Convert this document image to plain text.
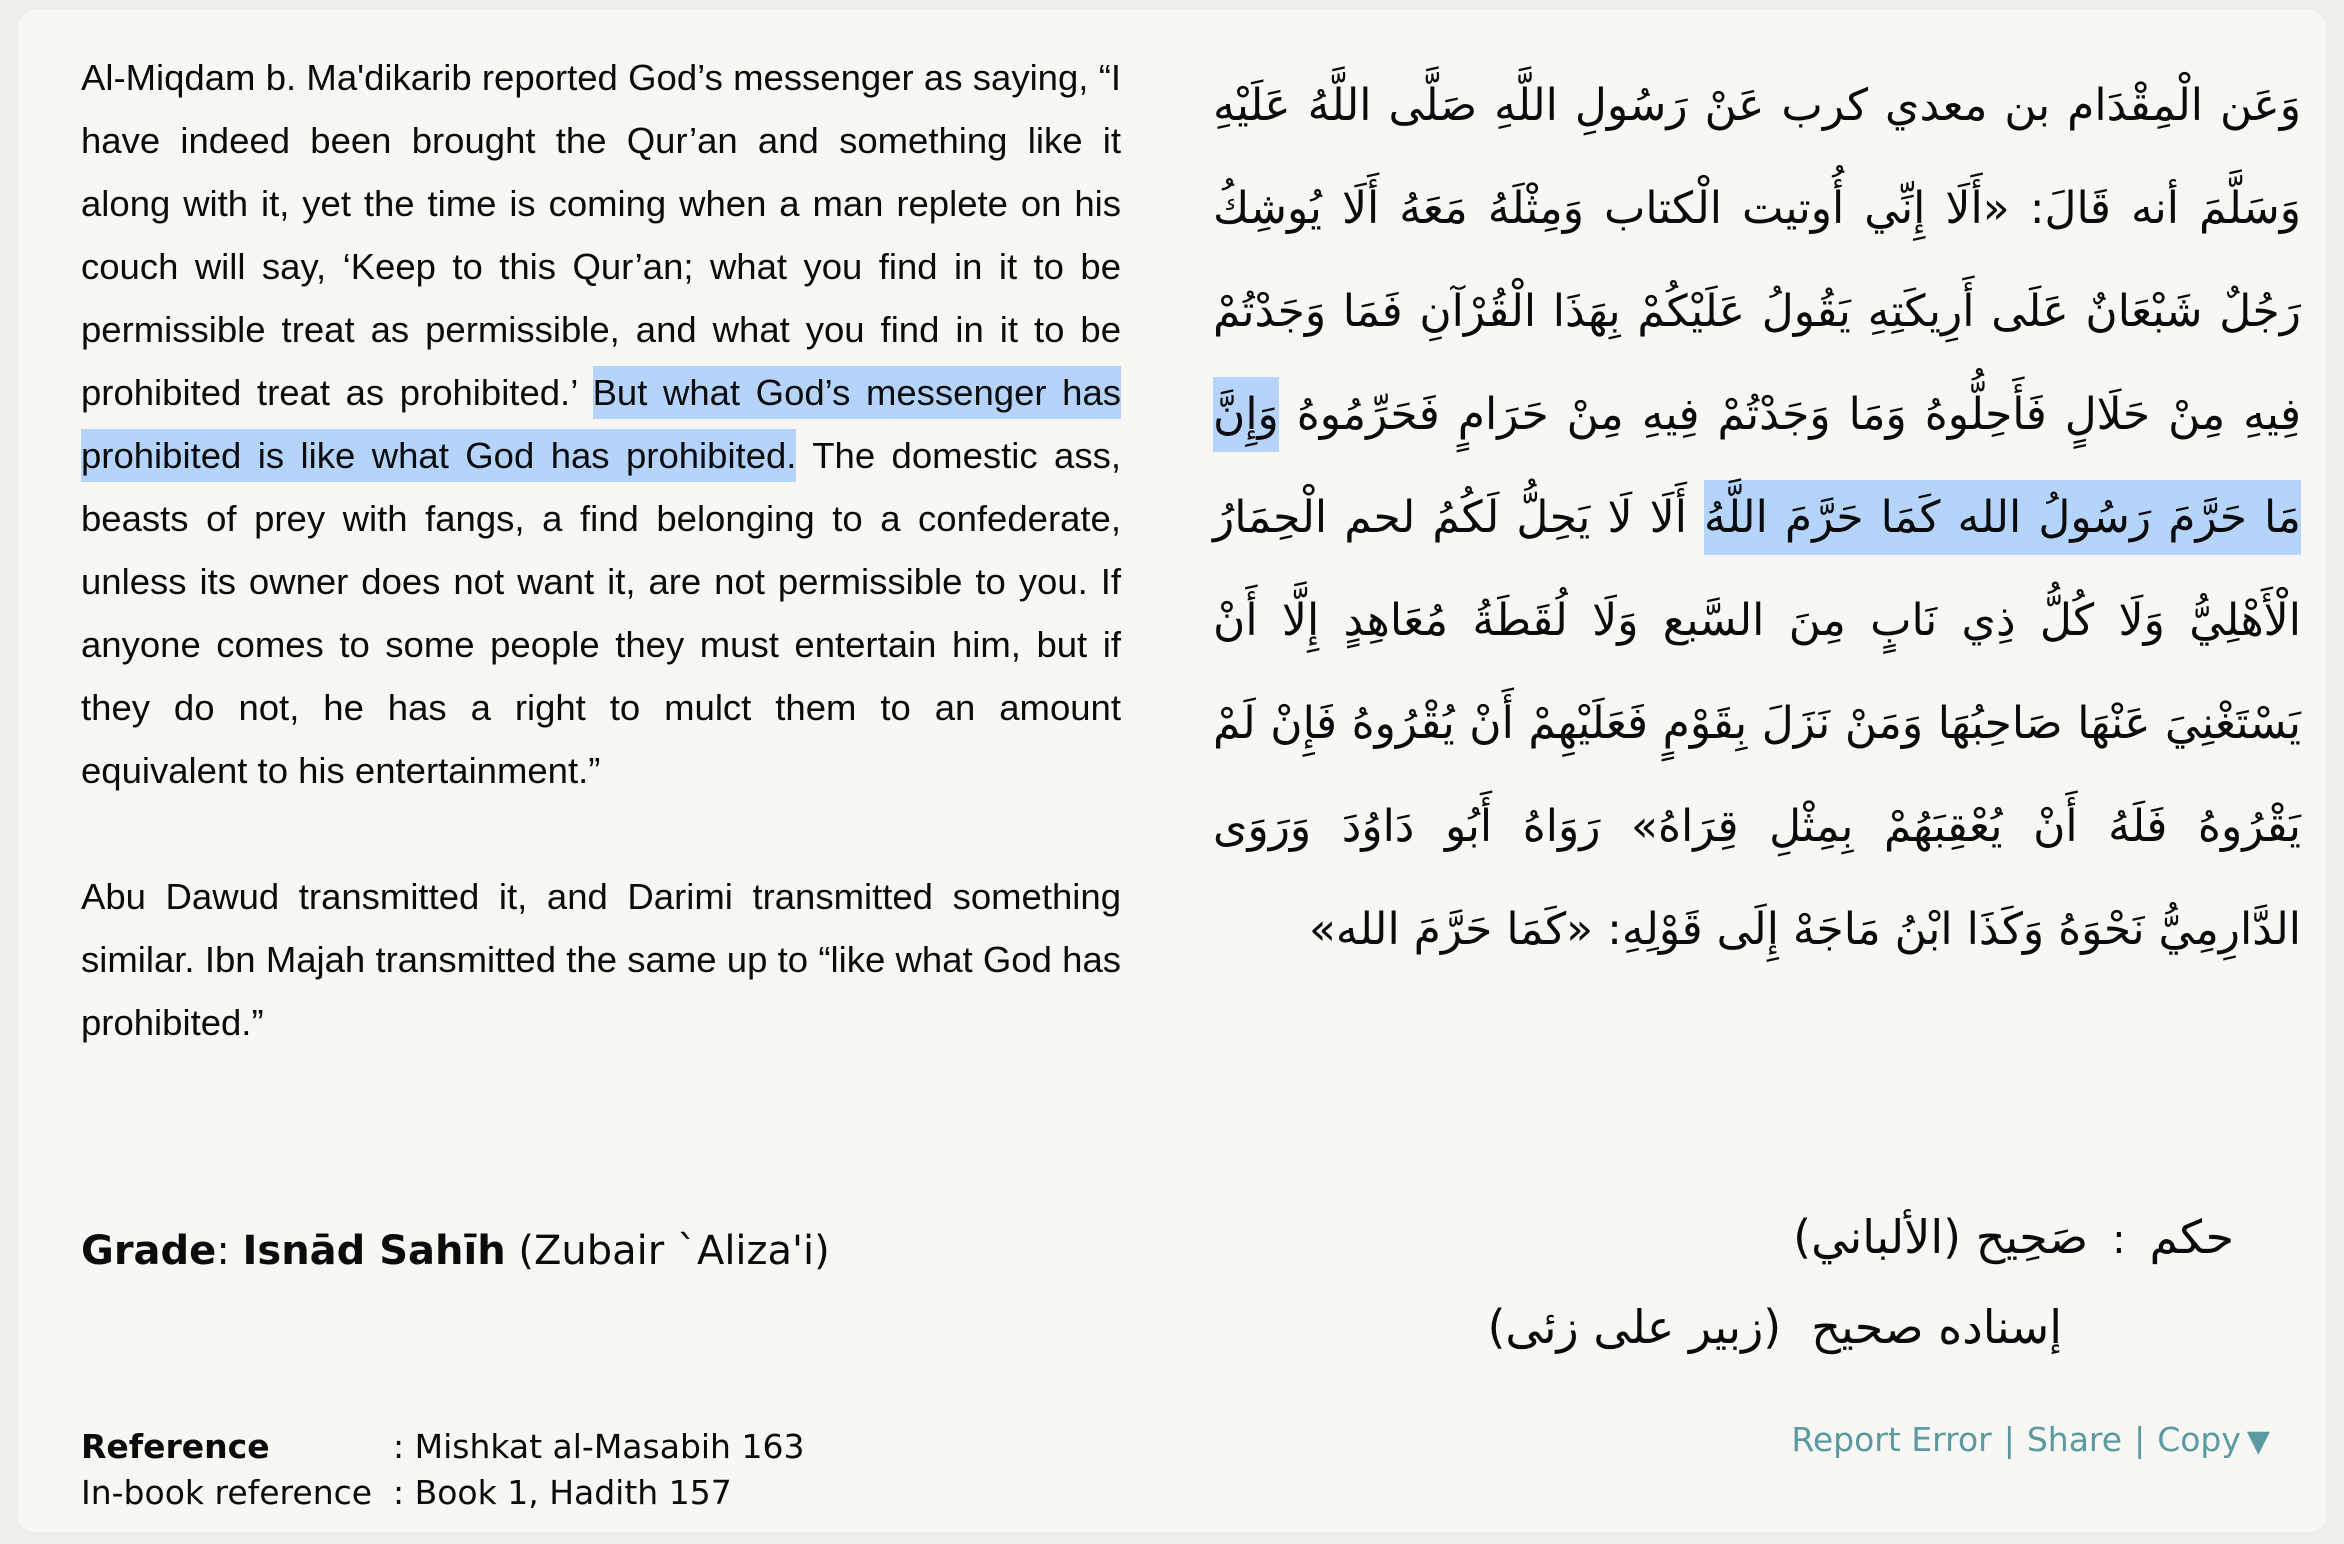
Al-Miqdam b. Ma'dikarib reported God’s messenger as saying, “I have indeed been brought the Qur’an and something like it along with it, yet the time is coming when a man replete on his couch will say, ‘Keep to this Qur’an; what you find in it to be permissible treat as permissible, and what you find in it to be prohibited treat as prohibited.’ But what God’s messenger has prohibited is like what God has prohibited. The domestic ass, beasts of prey with fangs, a find belonging to a confederate, unless its owner does not want it, are not permissible to you. If anyone comes to some people they must entertain him, but if they do not, he has a right to mulct them to an amount equivalent to his entertainment.”

Abu Dawud transmitted it, and Darimi transmitted something similar. Ibn Majah transmitted the same up to “like what God has prohibited.”

وَعَن الْمِقْدَام بن معدي كرب عَنْ رَسُولِ اللَّهِ صَلَّى اللَّهُ عَلَيْهِ وَسَلَّمَ أنه قَالَ: «أَلَا إِنِّي أُوتيت الْكتاب وَمِثْلَهُ مَعَهُ أَلَا يُوشِكُ رَجُلٌ شَبْعَانٌ عَلَى أَرِيكَتِهِ يَقُولُ عَلَيْكُمْ بِهَذَا الْقُرْآنِ فَمَا وَجَدْتُمْ فِيهِ مِنْ حَلَالٍ فَأَحِلُّوهُ وَمَا وَجَدْتُمْ فِيهِ مِنْ حَرَامٍ فَحَرِّمُوهُ وَإِنَّ مَا حَرَّمَ رَسُولُ الله كَمَا حَرَّمَ اللَّهُ أَلَا لَا يَحِلُّ لَكُمُ لحم الْحِمَارُ الْأَهْلِيُّ وَلَا كُلُّ ذِي نَابٍ مِنَ السَّبع وَلَا لُقَطَةُ مُعَاهِدٍ إِلَّا أَنْ يَسْتَغْنِيَ عَنْهَا صَاحِبُهَا وَمَنْ نَزَلَ بِقَوْمٍ فَعَلَيْهِمْ أَنْ يُقْرُوهُ فَإِنْ لَمْ يَقْرُوهُ فَلَهُ أَنْ يُعْقِبَهُمْ بِمِثْلِ قِرَاهُ» رَوَاهُ أَبُو دَاوُدَ وَرَوَى الدَّارِمِيُّ نَحْوَهُ وَكَذَا ابْنُ مَاجَهْ إِلَى قَوْلِهِ: «كَمَا حَرَّمَ الله»

Grade: Isnād Sahīh (Zubair `Aliza'i)	حكم:صَحِيح (الألباني)
إسناده صحيح(زبير على زئى)
Reference	: Mishkat al-Masabih 163
In-book reference : Book 1, Hadith 157
Report Error | Share | Copy ▼
